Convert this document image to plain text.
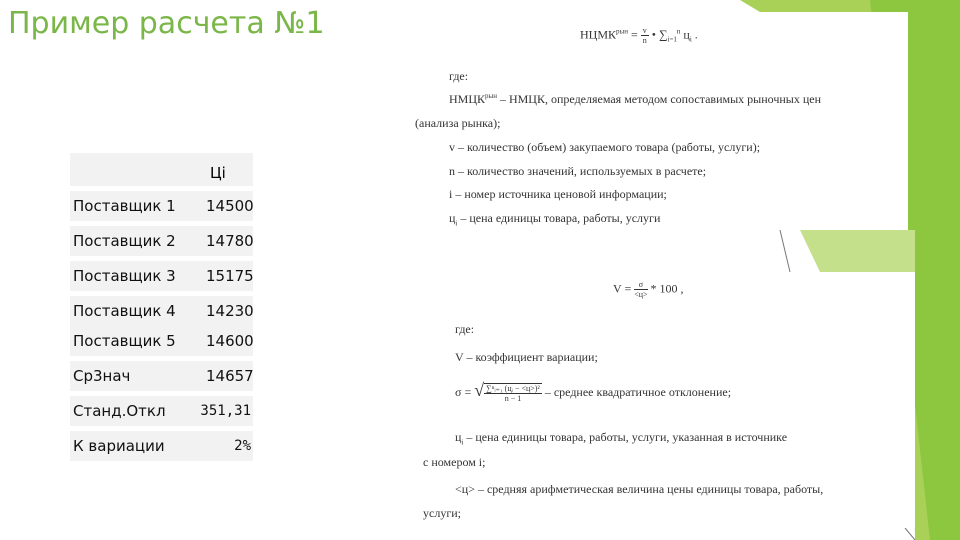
Пример расчета №1
Ці
Поставщик 1	14500
Поставщик 2	14780
Поставщик 3	15175
Поставщик 4	14230
Поставщик 5	14600
Ср3нач	14657
Станд.Откл	351,31
К вариации	2%
$НЦМК^{рын} = \frac{v}{n}$ • $\sum_{i=1}^n$ $ц_i$ .
где:
$НМЦК^{рын}$ – НМЦК, определяемая методом сопоставимых рыночных цен
(анализа рынка);
v – количество (объем) закупаемого товара (работы, услуги);
n – количество значений, используемых в расчете;
i – номер источника ценовой информации;
$ц_i$ – цена единицы товара, работы, услуги
$V = \frac{\sigma}{<ц>} * 100$ ,
где:
V – коэффициент вариации;
σ = √ $\frac{\text{∑ⁿᵢ₌₁ (цᵢ − <ц>)²}}{n - 1}$ – среднее квадратичное отклонение;
$ц_i$ – цена единицы товара, работы, услуги, указанная в источнике
с номером i;
<ц> – средняя арифметическая величина цены единицы товара, работы,
услуги;
